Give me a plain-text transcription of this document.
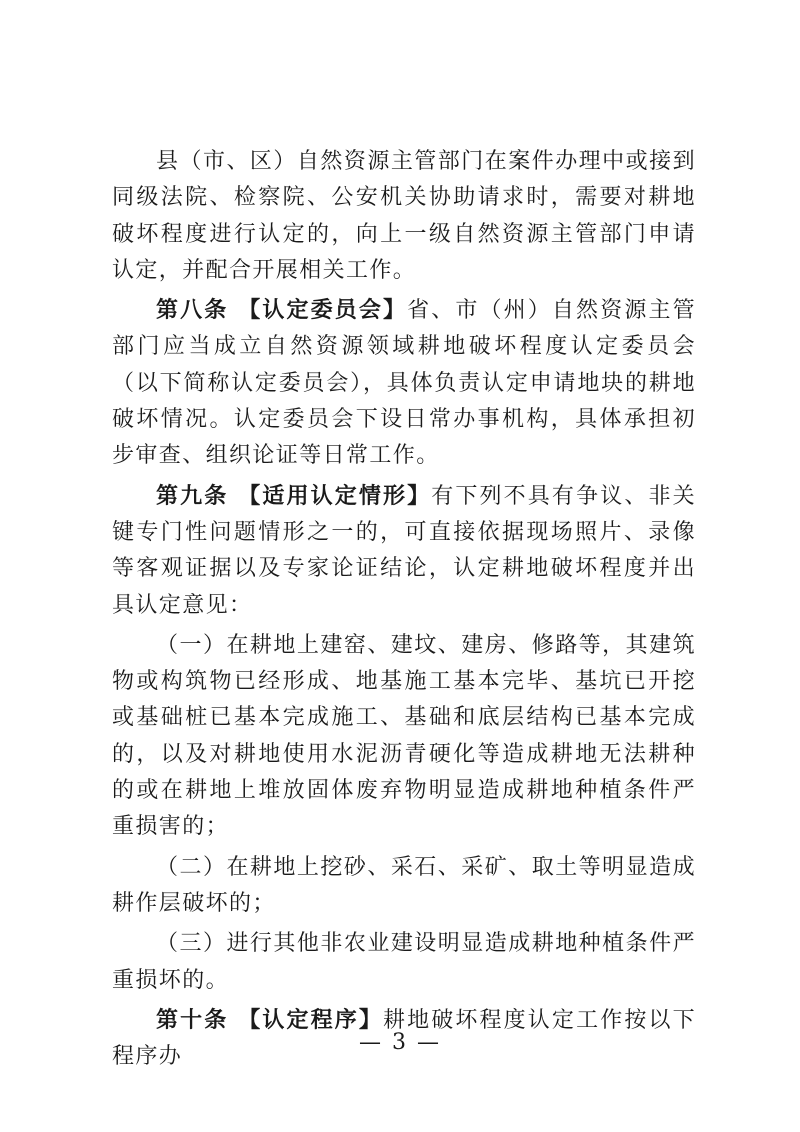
县（市、区）自然资源主管部门在案件办理中或接到同级法院、检察院、公安机关协助请求时，需要对耕地破坏程度进行认定的，向上一级自然资源主管部门申请认定，并配合开展相关工作。

第八条 【认定委员会】省、市（州）自然资源主管部门应当成立自然资源领域耕地破坏程度认定委员会（以下简称认定委员会），具体负责认定申请地块的耕地破坏情况。认定委员会下设日常办事机构，具体承担初步审查、组织论证等日常工作。

第九条 【适用认定情形】有下列不具有争议、非关键专门性问题情形之一的，可直接依据现场照片、录像等客观证据以及专家论证结论，认定耕地破坏程度并出具认定意见：

（一）在耕地上建窑、建坟、建房、修路等，其建筑物或构筑物已经形成、地基施工基本完毕、基坑已开挖或基础桩已基本完成施工、基础和底层结构已基本完成的，以及对耕地使用水泥沥青硬化等造成耕地无法耕种的或在耕地上堆放固体废弃物明显造成耕地种植条件严重损害的；

（二）在耕地上挖砂、采石、采矿、取土等明显造成耕作层破坏的；

（三）进行其他非农业建设明显造成耕地种植条件严重损坏的。

第十条 【认定程序】耕地破坏程度认定工作按以下程序办

— 3 —
